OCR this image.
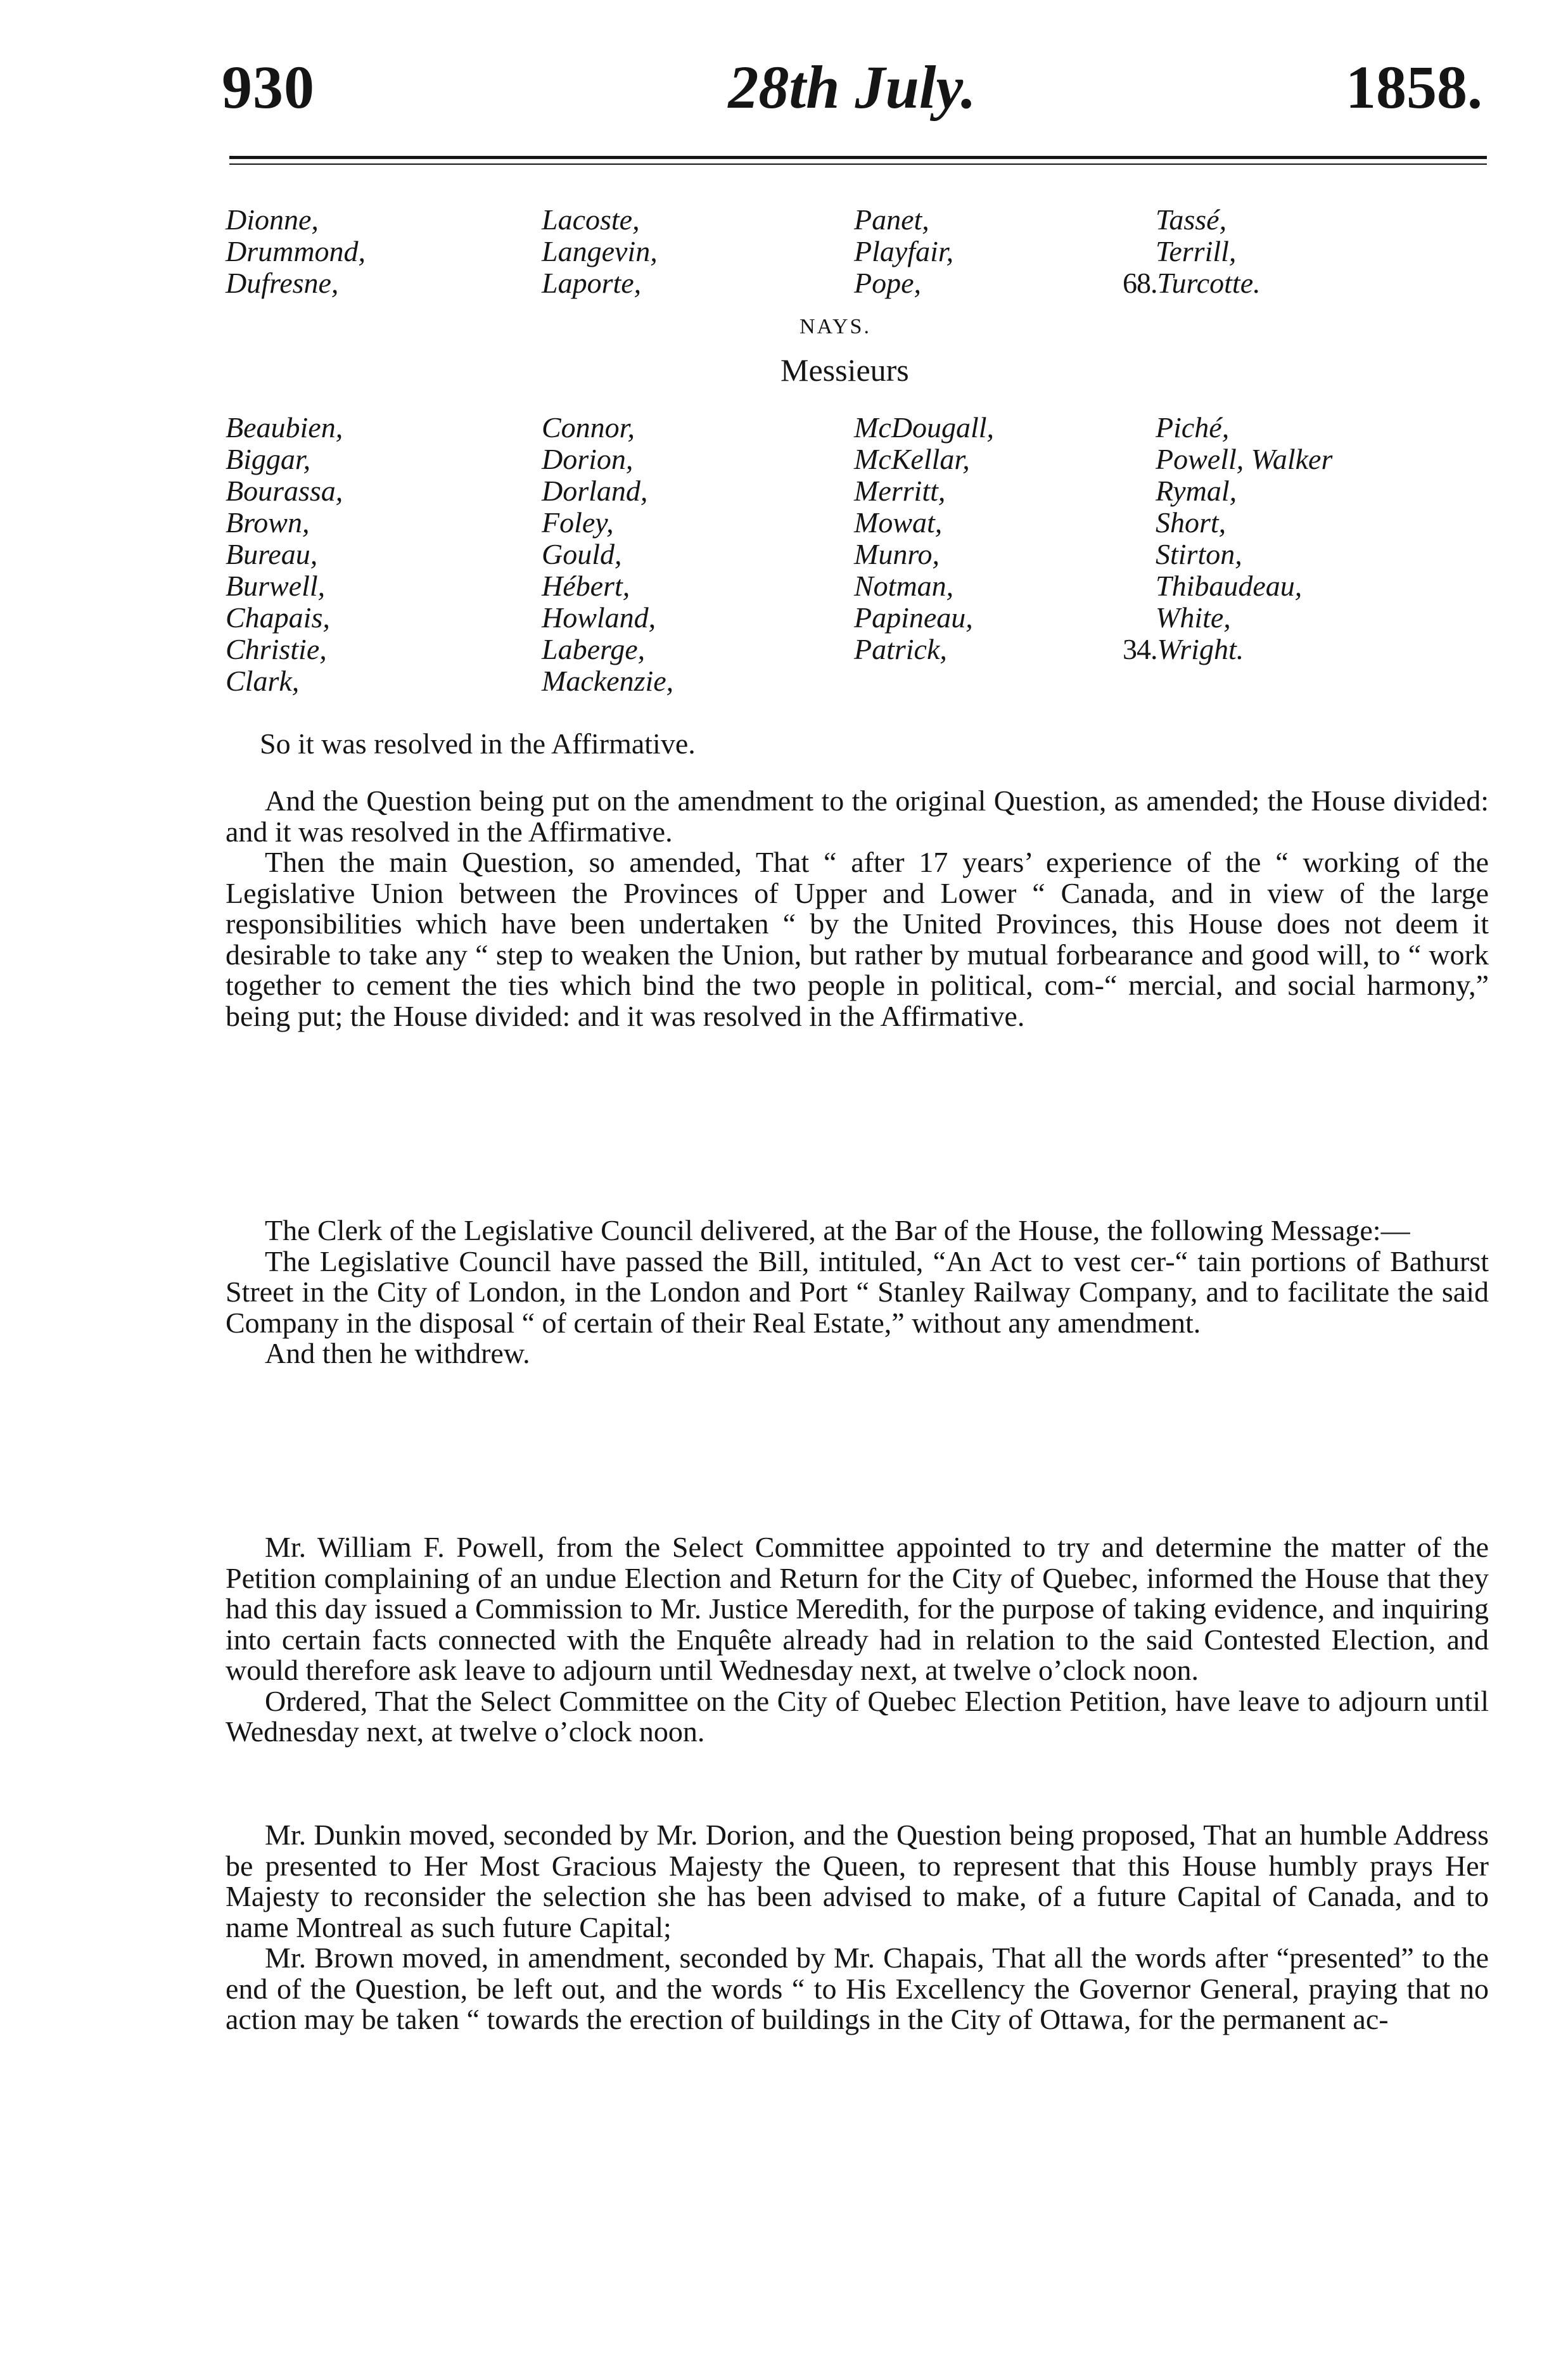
930	28th July.	1858.
Dionne,
Drummond,
Dufresne,
Lacoste,
Langevin,
Laporte,
Panet,
Playfair,
Pope,
Tassé,
Terrill,
68.Turcotte.
NAYS.
Messieurs
Beaubien,
Biggar,
Bourassa,
Brown,
Bureau,
Burwell,
Chapais,
Christie,
Clark,
Connor,
Dorion,
Dorland,
Foley,
Gould,
Hébert,
Howland,
Laberge,
Mackenzie,
McDougall,
McKellar,
Merritt,
Mowat,
Munro,
Notman,
Papineau,
Patrick,
Piché,
Powell, Walker
Rymal,
Short,
Stirton,
Thibaudeau,
White,
34.Wright.

So it was resolved in the Affirmative.

And the Question being put on the amendment to the original Question, as amended; the House divided: and it was resolved in the Affirmative.

Then the main Question, so amended, That “ after 17 years’ experience of the “ working of the Legislative Union between the Provinces of Upper and Lower “ Canada, and in view of the large responsibilities which have been undertaken “ by the United Provinces, this House does not deem it desirable to take any “ step to weaken the Union, but rather by mutual forbearance and good will, to “ work together to cement the ties which bind the two people in political, com-“ mercial, and social harmony,” being put; the House divided: and it was resolved in the Affirmative.

The Clerk of the Legislative Council delivered, at the Bar of the House, the following Message:—

The Legislative Council have passed the Bill, intituled, “An Act to vest cer-“ tain portions of Bathurst Street in the City of London, in the London and Port “ Stanley Railway Company, and to facilitate the said Company in the disposal “ of certain of their Real Estate,” without any amendment.

And then he withdrew.

Mr. William F. Powell, from the Select Committee appointed to try and determine the matter of the Petition complaining of an undue Election and Return for the City of Quebec, informed the House that they had this day issued a Commission to Mr. Justice Meredith, for the purpose of taking evidence, and inquiring into certain facts connected with the Enquête already had in relation to the said Contested Election, and would therefore ask leave to adjourn until Wednesday next, at twelve o’clock noon.

Ordered, That the Select Committee on the City of Quebec Election Petition, have leave to adjourn until Wednesday next, at twelve o’clock noon.

Mr. Dunkin moved, seconded by Mr. Dorion, and the Question being proposed, That an humble Address be presented to Her Most Gracious Majesty the Queen, to represent that this House humbly prays Her Majesty to reconsider the selection she has been advised to make, of a future Capital of Canada, and to name Montreal as such future Capital;

Mr. Brown moved, in amendment, seconded by Mr. Chapais, That all the words after “presented” to the end of the Question, be left out, and the words “ to His Excellency the Governor General, praying that no action may be taken “ towards the erection of buildings in the City of Ottawa, for the permanent ac-
